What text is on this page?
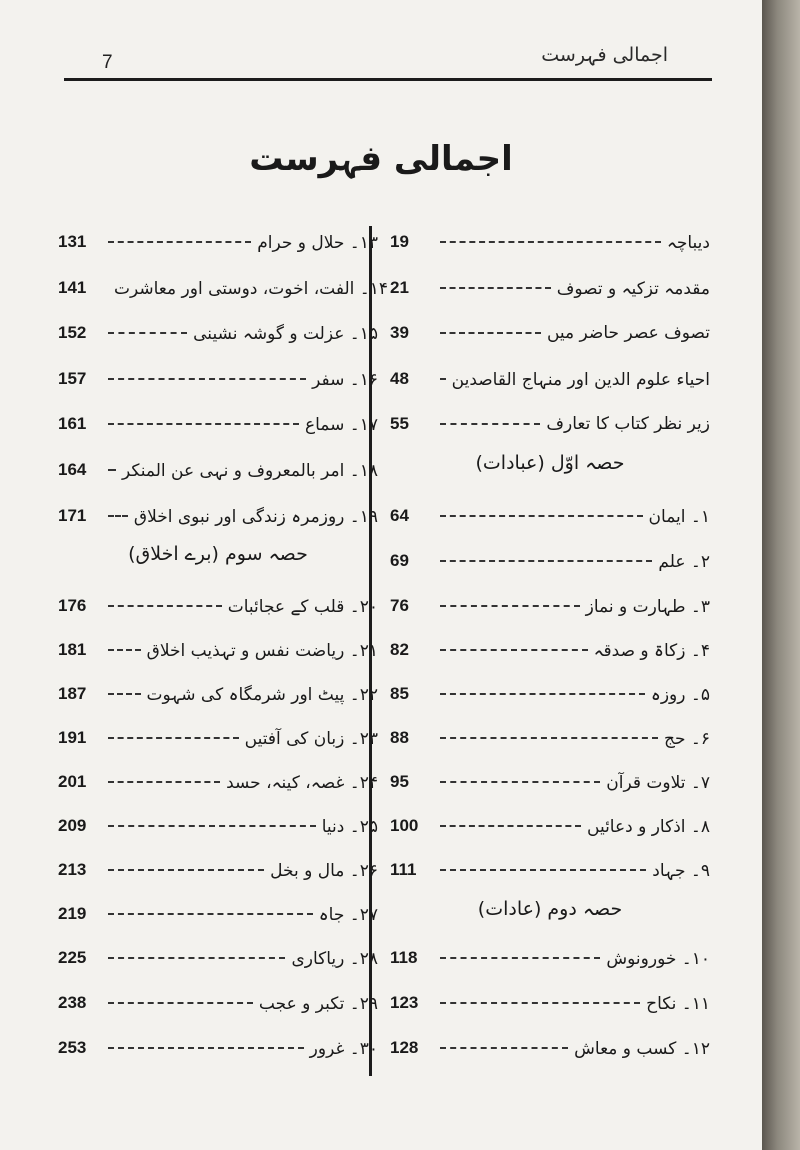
7	اجمالی فہرست
اجمالی فہرست
19	دیباچہ
21	مقدمہ تزکیہ و تصوف
39	تصوف عصر حاضر میں
48	احیاء علوم الدین اور منہاج القاصدین
55	زیر نظر کتاب کا تعارف
حصہ اوّل (عبادات)
64	۱۔ ایمان
69	۲۔ علم
76	۳۔ طہارت و نماز
82	۴۔ زکاۃ و صدقہ
85	۵۔ روزہ
88	۶۔ حج
95	۷۔ تلاوت قرآن
100	۸۔ اذکار و دعائیں
111	۹۔ جہاد
حصہ دوم (عادات)
118	۱۰۔ خورونوش
123	۱۱۔ نکاح
128	۱۲۔ کسب و معاش
131	۱۳۔ حلال و حرام
141	۱۴۔ الفت، اخوت، دوستی اور معاشرت
152	۱۵۔ عزلت و گوشہ نشینی
157	۱۶۔ سفر
161	۱۷۔ سماع
164	۱۸۔ امر بالمعروف و نہی عن المنکر
171	۱۹۔ روزمرہ زندگی اور نبوی اخلاق
حصہ سوم (برے اخلاق)
176	۲۰۔ قلب کے عجائبات
181	۲۱۔ ریاضت نفس و تہذیب اخلاق
187	۲۲۔ پیٹ اور شرمگاہ کی شہوت
191	۲۳۔ زبان کی آفتیں
201	۲۴۔ غصہ، کینہ، حسد
209	۲۵۔ دنیا
213	۲۶۔ مال و بخل
219	۲۷۔ جاہ
225	۲۸۔ ریاکاری
238	۲۹۔ تکبر و عجب
253	۳۰۔ غرور
